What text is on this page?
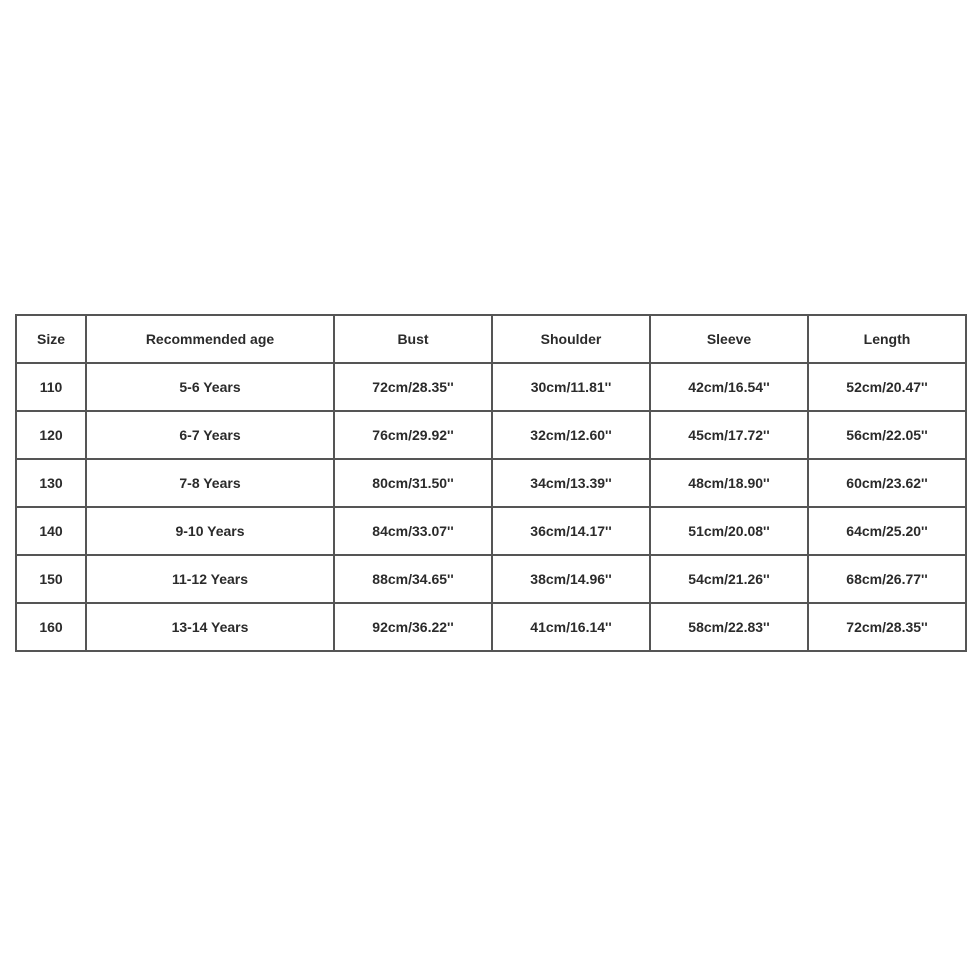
Size	Recommended age	Bust	Shoulder	Sleeve	Length
110	5-6 Years	72cm/28.35''	30cm/11.81''	42cm/16.54''	52cm/20.47''
120	6-7 Years	76cm/29.92''	32cm/12.60''	45cm/17.72''	56cm/22.05''
130	7-8 Years	80cm/31.50''	34cm/13.39''	48cm/18.90''	60cm/23.62''
140	9-10 Years	84cm/33.07''	36cm/14.17''	51cm/20.08''	64cm/25.20''
150	11-12 Years	88cm/34.65''	38cm/14.96''	54cm/21.26''	68cm/26.77''
160	13-14 Years	92cm/36.22''	41cm/16.14''	58cm/22.83''	72cm/28.35''
